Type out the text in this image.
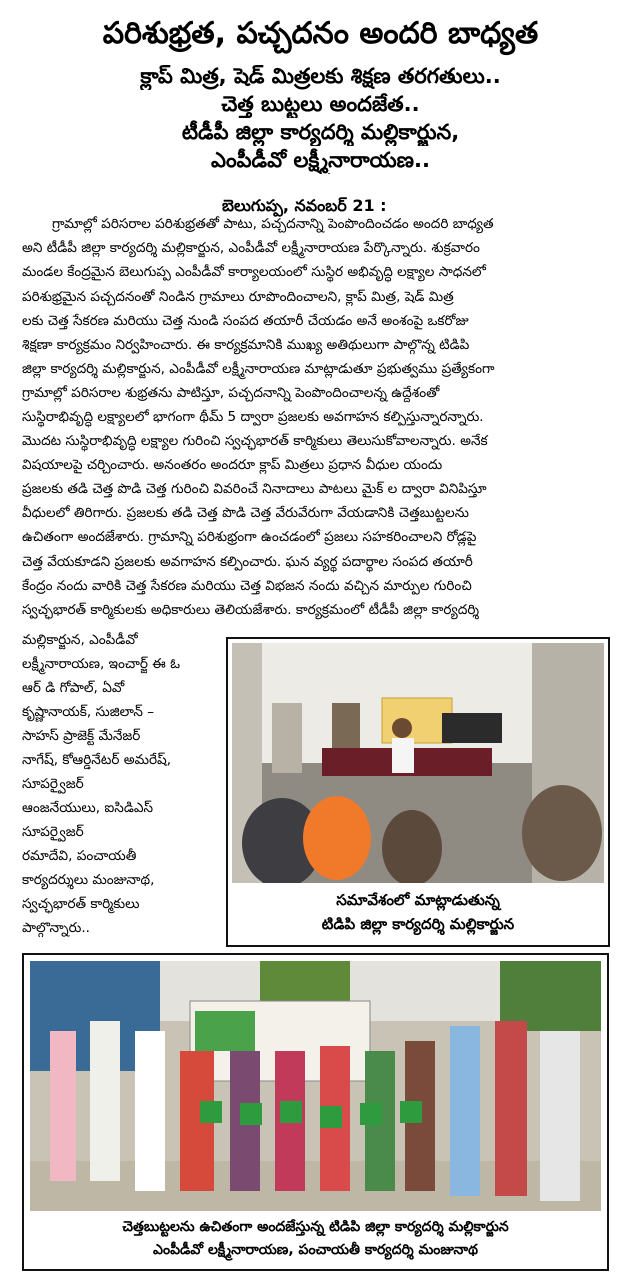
పరిశుభ్రత, పచ్చదనం అందరి బాధ్యత
క్లాప్ మిత్ర, షెడ్ మిత్రలకు శిక్షణ తరగతులు..
చెత్త బుట్టలు అందజేత..
టీడీపీ జిల్లా కార్యదర్శి మల్లికార్జున,
ఎంపీడీవో లక్ష్మీనారాయణ..
బెలుగుప్ప, నవంబర్ 21 :
గ్రామాల్లో పరిసరాల పరిశుభ్రతతో పాటు, పచ్చదనాన్ని పెంపొందించడం అందరి బాధ్యత
అని టీడీపీ జిల్లా కార్యదర్శి మల్లికార్జున, ఎంపీడీవో లక్ష్మీనారాయణ పేర్కొన్నారు. శుక్రవారం
మండల కేంద్రమైన బెలుగుప్ప ఎంపీడీవో కార్యాలయంలో సుస్థిర అభివృద్ధి లక్ష్యాల సాధనలో
పరిశుభ్రమైన పచ్చదనంతో నిండిన గ్రామాలు రూపొందించాలని, క్లాప్ మిత్ర, షెడ్ మిత్ర
లకు చెత్త సేకరణ మరియు చెత్త నుండి సంపద తయారీ చేయడం అనే అంశంపై ఒకరోజు
శిక్షణా కార్యక్రమం నిర్వహించారు. ఈ కార్యక్రమానికి ముఖ్య అతిథులుగా పాల్గొన్న టిడిపి
జిల్లా కార్యదర్శి మల్లికార్జున, ఎంపీడీవో లక్ష్మీనారాయణ మాట్లాడుతూ ప్రభుత్వము ప్రత్యేకంగా
గ్రామాల్లో పరిసరాల శుభ్రతను పాటిస్తూ, పచ్చదనాన్ని పెంపొందించాలన్న ఉద్దేశంతో
సుస్థిరాభివృద్ధి లక్ష్యాలలో భాగంగా థీమ్ 5 ద్వారా ప్రజలకు అవగాహన కల్పిస్తున్నారన్నారు.
మొదట సుస్థిరాభివృద్ధి లక్ష్యాల గురించి స్వచ్ఛభారత్ కార్మికులు తెలుసుకోవాలన్నారు. అనేక
విషయాలపై చర్చించారు. అనంతరం అందరూ క్లాప్ మిత్రలు ప్రధాన వీధుల యందు
ప్రజలకు తడి చెత్త పొడి చెత్త గురించి వివరించే నినాదాలు పాటలు మైక్ ల ద్వారా వినిపిస్తూ
వీధులలో తిరిగారు. ప్రజలకు తడి చెత్త పొడి చెత్త వేరువేరుగా వేయడానికి చెత్తబుట్టలను
ఉచితంగా అందజేశారు. గ్రామాన్ని పరిశుభ్రంగా ఉంచడంలో ప్రజలు సహకరించాలని రోడ్లపై
చెత్త వేయకూడని ప్రజలకు అవగాహన కల్పించారు. ఘన వ్యర్థ పదార్థాల సంపద తయారీ
కేంద్రం నందు వారికి చెత్త సేకరణ మరియు చెత్త విభజన నందు వచ్చిన మార్పుల గురించి
స్వచ్ఛభారత్ కార్మికులకు అధికారులు తెలియజేశారు. కార్యక్రమంలో టీడీపీ జిల్లా కార్యదర్శి
మల్లికార్జున, ఎంపీడీవో
లక్ష్మీనారాయణ, ఇంచార్జ్ ఈ ఓ
ఆర్ డి గోపాల్, ఏవో
కృష్ణానాయక్, సుజిలాన్ –
సాహస్ ప్రాజెక్ట్ మేనేజర్
నాగేష్, కోఆర్డినేటర్ అమరేష్,
సూపర్వైజర్
ఆంజనేయులు, ఐసిడిఎస్
సూపర్వైజర్
రమాదేవి, పంచాయతీ
కార్యదర్శులు మంజునాథ,
స్వచ్ఛభారత్ కార్మికులు
పాల్గొన్నారు..
సమావేశంలో మాట్లాడుతున్న
టిడిపి జిల్లా కార్యదర్శి మల్లికార్జున
చెత్తబుట్టలను ఉచితంగా అందజేస్తున్న టిడిపి జిల్లా కార్యదర్శి మల్లికార్జున
ఎంపీడీవో లక్ష్మీనారాయణ, పంచాయతీ కార్యదర్శి మంజునాథ
